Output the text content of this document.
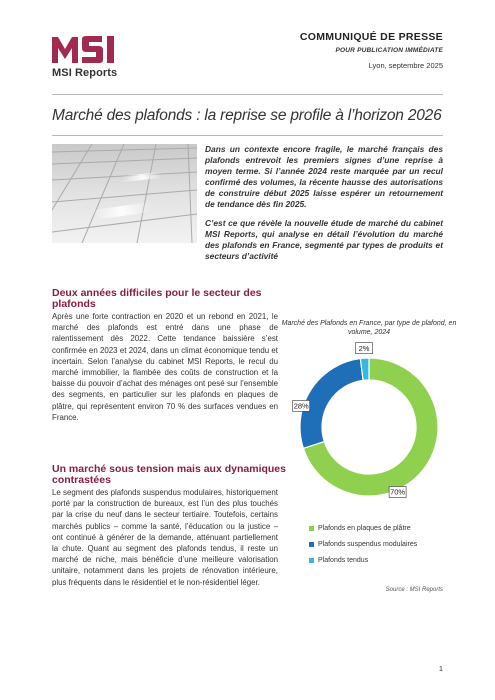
MSI Reports
COMMUNIQUÉ DE PRESSE
POUR PUBLICATION IMMÉDIATE
Lyon, septembre 2025
Marché des plafonds : la reprise se profile à l’horizon 2026

Dans un contexte encore fragile, le marché français des plafonds entrevoit les premiers signes d’une reprise à moyen terme. Si l’année 2024 reste marquée par un recul confirmé des volumes, la récente hausse des autorisations de construire début 2025 laisse espérer un retournement de tendance dès fin 2025.

C’est ce que révèle la nouvelle étude de marché du cabinet MSI Reports, qui analyse en détail l’évolution du marché des plafonds en France, segmenté par types de produits et secteurs d’activité

Deux années difficiles pour le secteur des plafonds

Après une forte contraction en 2020 et un rebond en 2021, le marché des plafonds est entré dans une phase de ralentissement dès 2022. Cette tendance baissière s’est confirmée en 2023 et 2024, dans un climat économique tendu et incertain. Selon l’analyse du cabinet MSI Reports, le recul du marché immobilier, la flambée des coûts de construction et la baisse du pouvoir d’achat des ménages ont pesé sur l’ensemble des segments, en particulier sur les plafonds en plaques de plâtre, qui représentent environ 70 % des surfaces vendues en France.

Un marché sous tension mais aux dynamiques contrastées

Le segment des plafonds suspendus modulaires, historiquement porté par la construction de bureaux, est l’un des plus touchés par la crise du neuf dans le secteur tertiaire. Toutefois, certains marchés publics – comme la santé, l’éducation ou la justice – ont continué à générer de la demande, atténuant partiellement la chute. Quant au segment des plafonds tendus, il reste un marché de niche, mais bénéficie d’une meilleure valorisation unitaire, notamment dans les projets de rénovation intérieure, plus fréquents dans le résidentiel et le non-résidentiel léger.

Marché des Plafonds en France, par type de plafond, en volume, 2024
70%
28%
2%
Plafonds en plaques de plâtre
Plafonds suspendus modulaires
Plafonds tendus
Source : MSI Reports
1
